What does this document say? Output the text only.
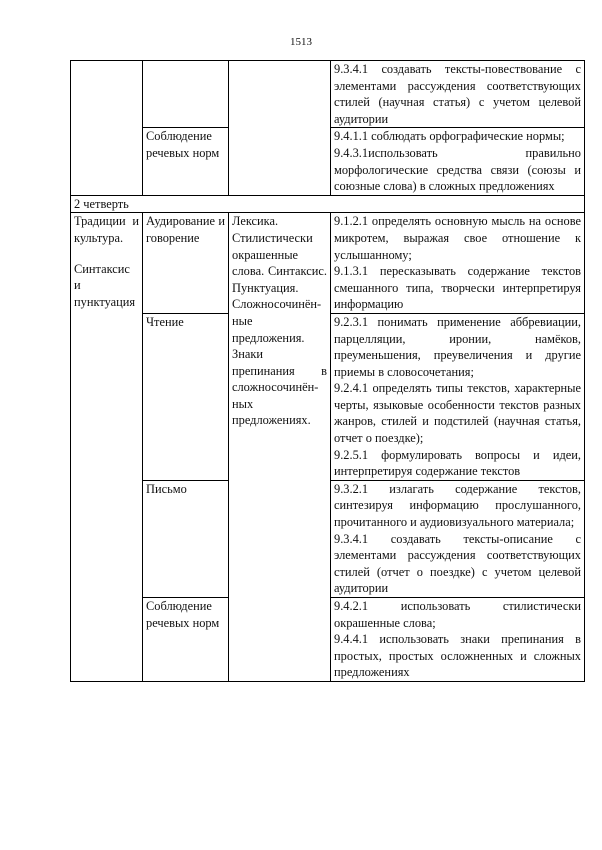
1513

			9.3.4.1 создавать тексты-повествование с элементами рассуждения соответствующих стилей (научная статья) с учетом целевой аудитории

	Соблюдение речевых норм		9.4.1.1 соблюдать орфографические нормы;
9.4.3.1использовать правильно морфологические средства связи (союзы и союзные слова) в сложных предложениях

2 четверть			

Традиции и культура.
Синтаксис и пунктуация	Аудирование и говорение	Лексика. Стилистически окрашенные слова. Синтаксис. Пунктуация. Сложносочинён-ные предложения. Знаки препинания в сложносочинён-ных предложениях.	9.1.2.1 определять основную мысль на основе микротем, выражая свое отношение к услышанному;
9.1.3.1 пересказывать содержание текстов смешанного типа, творчески интерпретируя информацию

	Чтение		9.2.3.1 понимать применение аббревиации, парцелляции, иронии, намёков, преуменьшения, преувеличения и другие приемы в словосочетания;
9.2.4.1 определять типы текстов, характерные черты, языковые особенности текстов разных жанров, стилей и подстилей (научная статья, отчет о поездке);
9.2.5.1 формулировать вопросы и идеи, интерпретируя содержание текстов

	Письмо		9.3.2.1 излагать содержание текстов, синтезируя информацию прослушанного, прочитанного и аудиовизуального материала;
9.3.4.1 создавать тексты-описание с элементами рассуждения соответствующих стилей (отчет о поездке) с учетом целевой аудитории

	Соблюдение речевых норм		9.4.2.1 использовать стилистически окрашенные слова;
9.4.4.1 использовать знаки препинания в простых, простых осложненных и сложных предложениях
